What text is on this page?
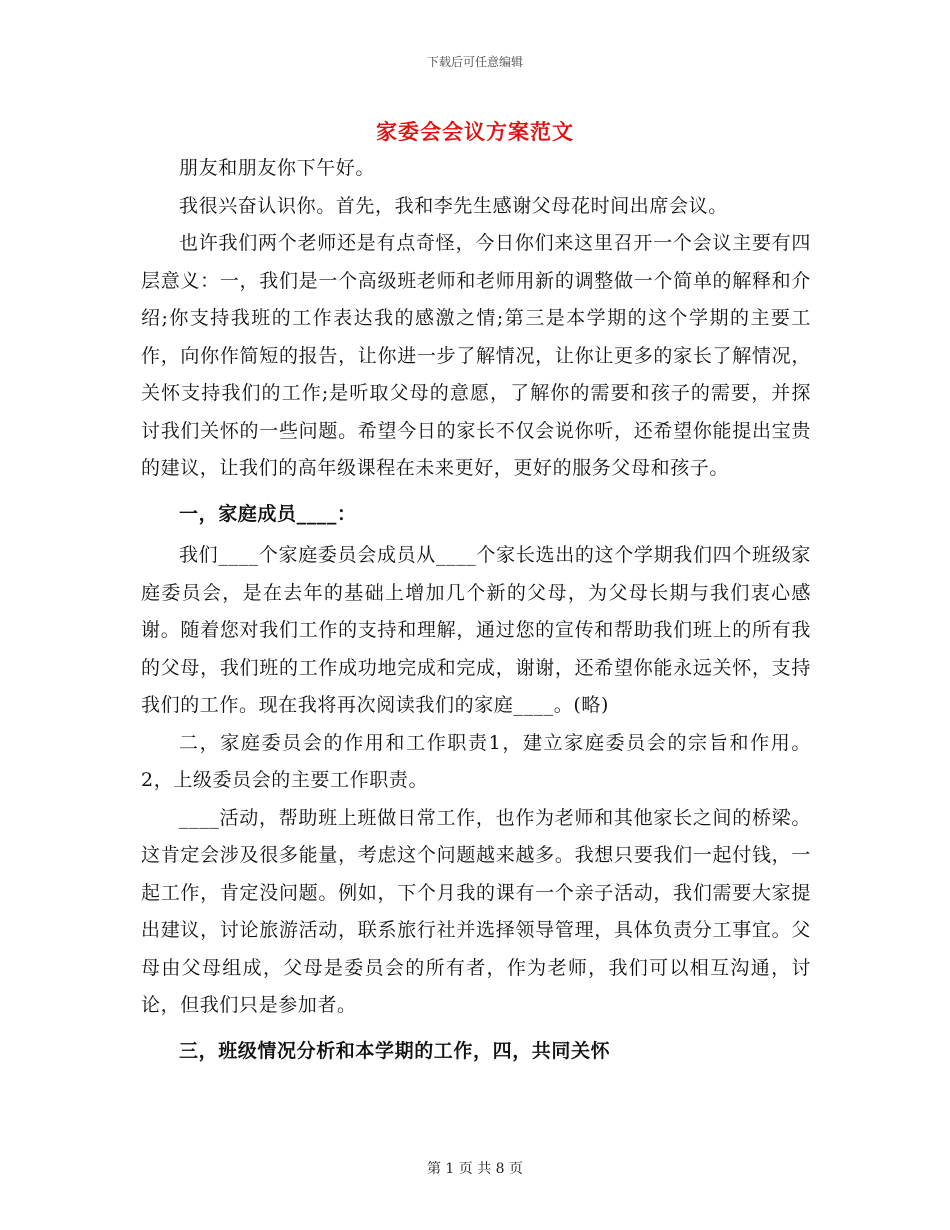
下载后可任意编辑
家委会会议方案范文

朋友和朋友你下午好。

我很兴奋认识你。首先，我和李先生感谢父母花时间出席会议。

也许我们两个老师还是有点奇怪，今日你们来这里召开一个会议主要有四层意义：一，我们是一个高级班老师和老师用新的调整做一个简单的解释和介绍;你支持我班的工作表达我的感激之情;第三是本学期的这个学期的主要工作，向你作简短的报告，让你进一步了解情况，让你让更多的家长了解情况，关怀支持我们的工作;是听取父母的意愿，了解你的需要和孩子的需要，并探讨我们关怀的一些问题。希望今日的家长不仅会说你听，还希望你能提出宝贵的建议，让我们的高年级课程在未来更好，更好的服务父母和孩子。

一，家庭成员____：

我们____个家庭委员会成员从____个家长选出的这个学期我们四个班级家庭委员会，是在去年的基础上增加几个新的父母，为父母长期与我们衷心感谢。随着您对我们工作的支持和理解，通过您的宣传和帮助我们班上的所有我的父母，我们班的工作成功地完成和完成，谢谢，还希望你能永远关怀，支持我们的工作。现在我将再次阅读我们的家庭____。(略)

二，家庭委员会的作用和工作职责1，建立家庭委员会的宗旨和作用。2，上级委员会的主要工作职责。

____活动，帮助班上班做日常工作，也作为老师和其他家长之间的桥梁。这肯定会涉及很多能量，考虑这个问题越来越多。我想只要我们一起付钱，一起工作，肯定没问题。例如，下个月我的课有一个亲子活动，我们需要大家提出建议，讨论旅游活动，联系旅行社并选择领导管理，具体负责分工事宜。父母由父母组成，父母是委员会的所有者，作为老师，我们可以相互沟通，讨论，但我们只是参加者。

三，班级情况分析和本学期的工作，四，共同关怀

第 1 页 共 8 页
